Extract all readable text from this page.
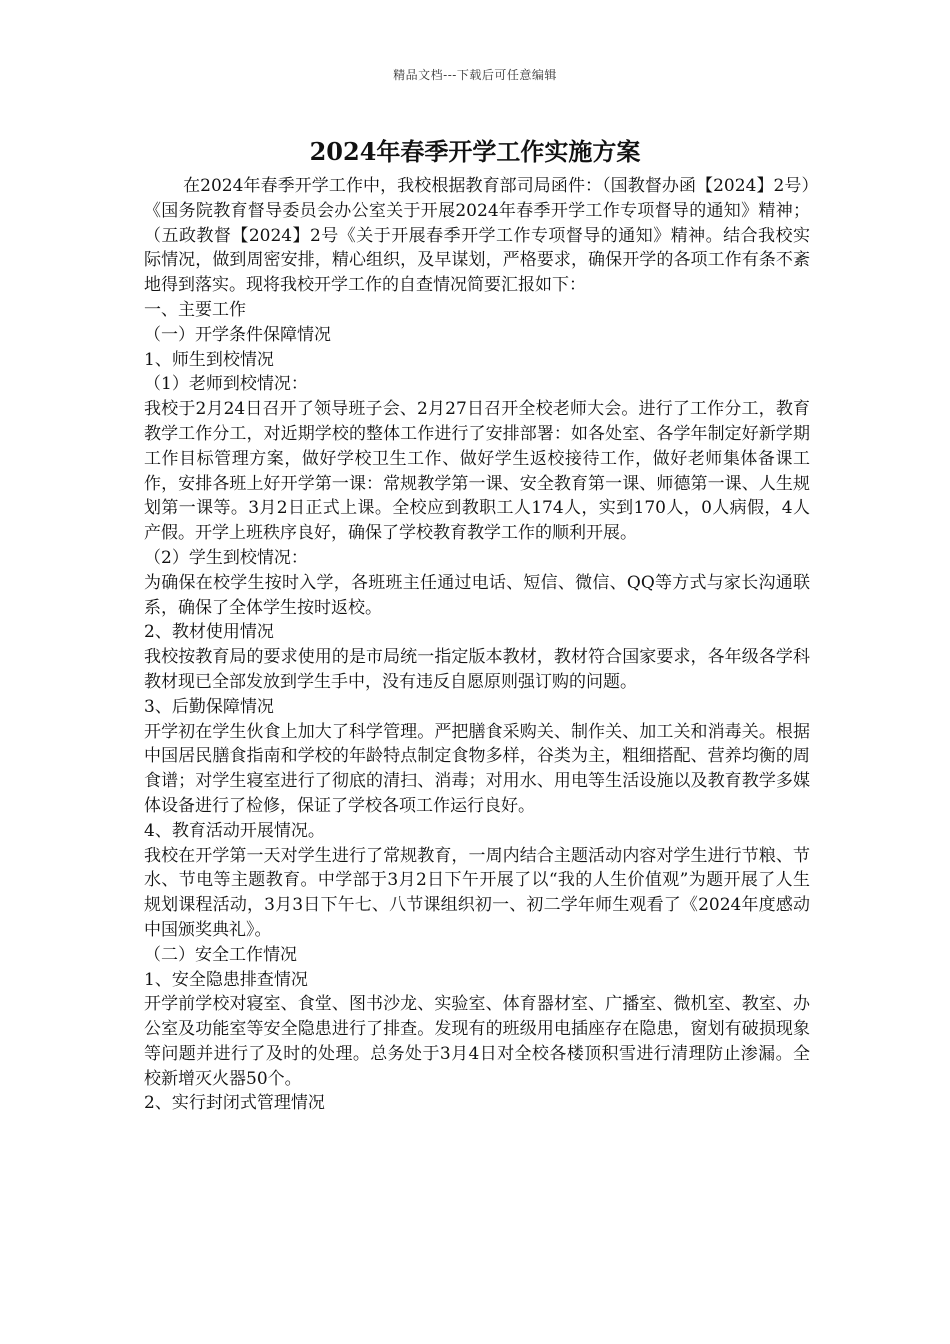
精品文档---下载后可任意编辑
2024年春季开学工作实施方案

在2024年春季开学工作中，我校根据教育部司局函件：（国教督办函【2024】2号）《国务院教育督导委员会办公室关于开展2024年春季开学工作专项督导的通知》精神；（五政教督【2024】2号《关于开展春季开学工作专项督导的通知》精神。结合我校实际情况，做到周密安排，精心组织，及早谋划，严格要求，确保开学的各项工作有条不紊地得到落实。现将我校开学工作的自查情况简要汇报如下：

一、主要工作

（一）开学条件保障情况

1、师生到校情况

（1）老师到校情况：

我校于2月24日召开了领导班子会、2月27日召开全校老师大会。进行了工作分工，教育教学工作分工，对近期学校的整体工作进行了安排部署：如各处室、各学年制定好新学期工作目标管理方案，做好学校卫生工作、做好学生返校接待工作，做好老师集体备课工作，安排各班上好开学第一课：常规教学第一课、安全教育第一课、师德第一课、人生规划第一课等。3月2日正式上课。全校应到教职工人174人，实到170人，0人病假，4人产假。开学上班秩序良好，确保了学校教育教学工作的顺利开展。

（2）学生到校情况：

为确保在校学生按时入学，各班班主任通过电话、短信、微信、QQ等方式与家长沟通联系，确保了全体学生按时返校。

2、教材使用情况

我校按教育局的要求使用的是市局统一指定版本教材，教材符合国家要求，各年级各学科教材现已全部发放到学生手中，没有违反自愿原则强订购的问题。

3、后勤保障情况

开学初在学生伙食上加大了科学管理。严把膳食采购关、制作关、加工关和消毒关。根据中国居民膳食指南和学校的年龄特点制定食物多样，谷类为主，粗细搭配、营养均衡的周食谱；对学生寝室进行了彻底的清扫、消毒；对用水、用电等生活设施以及教育教学多媒体设备进行了检修，保证了学校各项工作运行良好。

4、教育活动开展情况。

我校在开学第一天对学生进行了常规教育，一周内结合主题活动内容对学生进行节粮、节水、节电等主题教育。中学部于3月2日下午开展了以“我的人生价值观”为题开展了人生规划课程活动，3月3日下午七、八节课组织初一、初二学年师生观看了《2024年度感动中国颁奖典礼》。

（二）安全工作情况

1、安全隐患排查情况

开学前学校对寝室、食堂、图书沙龙、实验室、体育器材室、广播室、微机室、教室、办公室及功能室等安全隐患进行了排查。发现有的班级用电插座存在隐患，窗划有破损现象等问题并进行了及时的处理。总务处于3月4日对全校各楼顶积雪进行清理防止渗漏。全校新增灭火器50个。

2、实行封闭式管理情况
